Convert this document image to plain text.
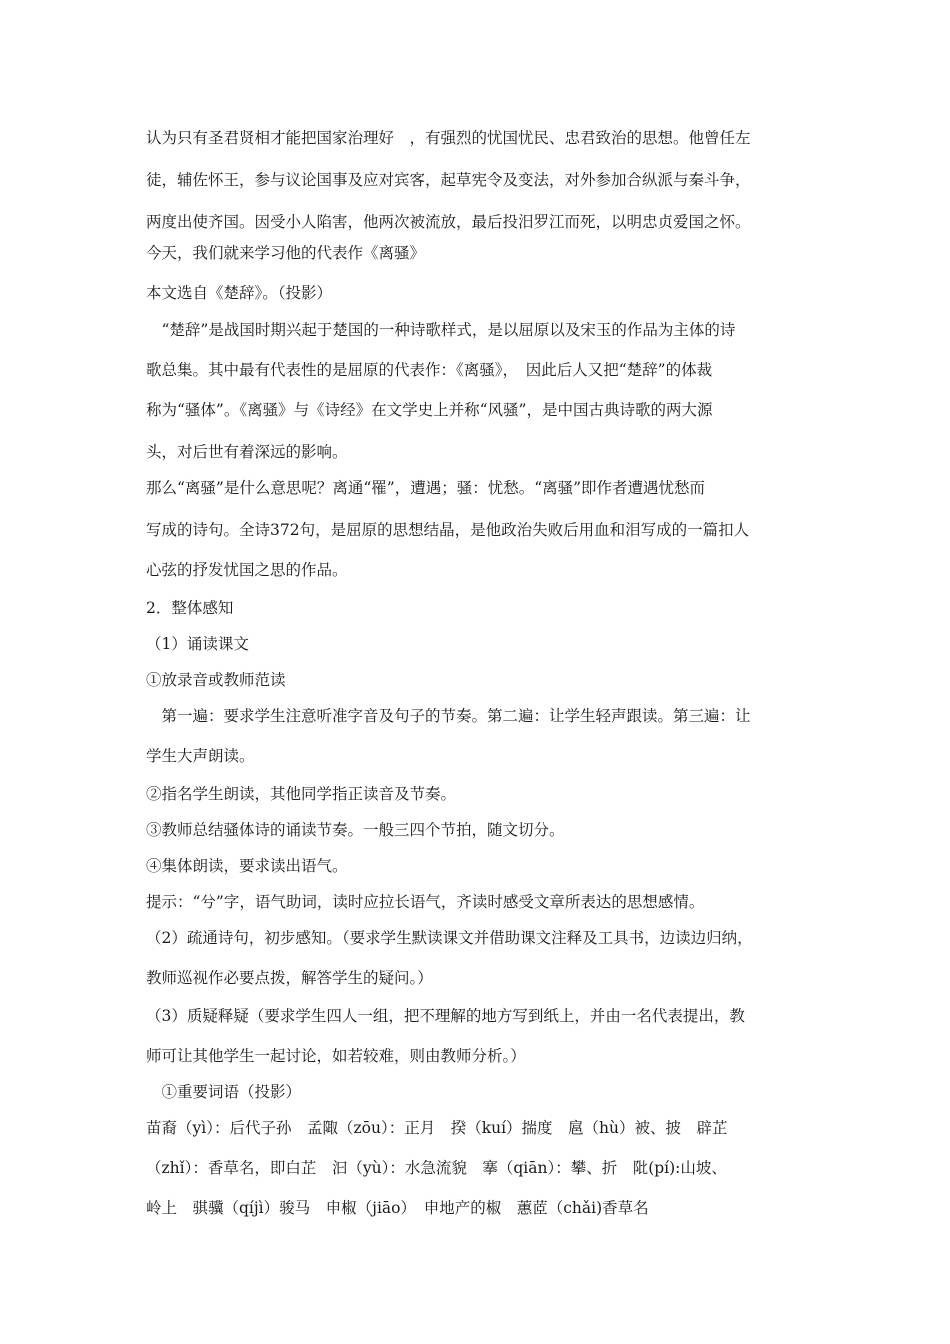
认为只有圣君贤相才能把国家治理好　，有强烈的忧国忧民、忠君致治的思想。他曾任左
徒，辅佐怀王，参与议论国事及应对宾客，起草宪令及变法，对外参加合纵派与秦斗争，
两度出使齐国。因受小人陷害，他两次被流放，最后投汨罗江而死，以明忠贞爱国之怀。
今天，我们就来学习他的代表作《离骚》
本文选自《楚辞》。（投影）
　“楚辞”是战国时期兴起于楚国的一种诗歌样式，是以屈原以及宋玉的作品为主体的诗
歌总集。其中最有代表性的是屈原的代表作：《离骚》，　因此后人又把“楚辞”的体裁
称为“骚体”。《离骚》与《诗经》在文学史上并称“风骚”，是中国古典诗歌的两大源
头，对后世有着深远的影响。
那么“离骚”是什么意思呢？离通“罹”，遭遇；骚：忧愁。“离骚”即作者遭遇忧愁而
写成的诗句。全诗372句，是屈原的思想结晶，是他政治失败后用血和泪写成的一篇扣人
心弦的抒发忧国之思的作品。
2．整体感知
（1）诵读课文
①放录音或教师范读
　第一遍：要求学生注意听准字音及句子的节奏。第二遍：让学生轻声跟读。第三遍：让
学生大声朗读。
②指名学生朗读，其他同学指正读音及节奏。
③教师总结骚体诗的诵读节奏。一般三四个节拍，随文切分。
④集体朗读，要求读出语气。
提示：“兮”字，语气助词，读时应拉长语气，齐读时感受文章所表达的思想感情。
（2）疏通诗句，初步感知。（要求学生默读课文并借助课文注释及工具书，边读边归纳，
教师巡视作必要点拨，解答学生的疑问。）
（3）质疑释疑（要求学生四人一组，把不理解的地方写到纸上，并由一名代表提出，教
师可让其他学生一起讨论，如若较难，则由教师分析。）
　①重要词语（投影）
苗裔（yì）：后代子孙　孟陬（zōu）：正月　揆（kuí）揣度　扈（hù）被、披　辟芷
（zhǐ）：香草名，即白芷　汩（yù）：水急流貌　搴（qiān）：攀、折　阰(pí):山坡、
岭上　骐骥（qíjì）骏马　申椒（jiāo）　申地产的椒　蕙茝（chǎi)香草名
